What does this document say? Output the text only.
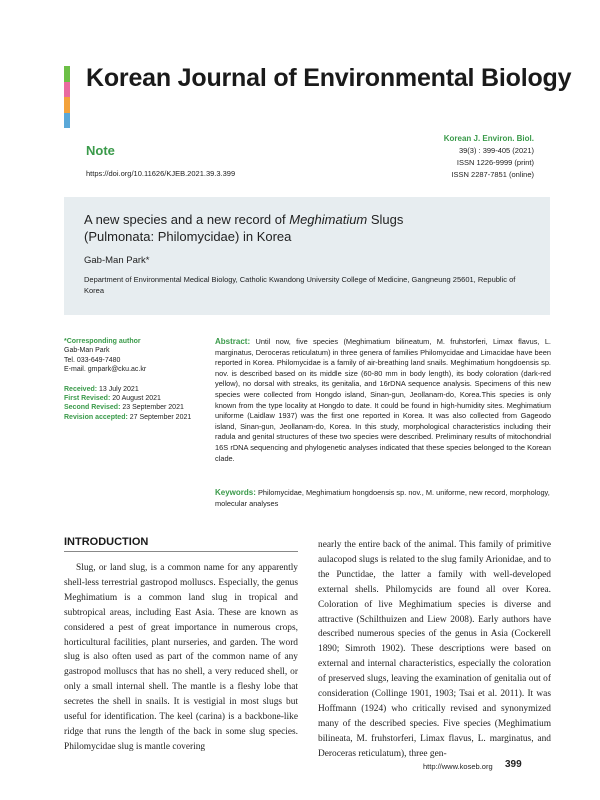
Korean Journal of Environmental Biology
Note
https://doi.org/10.11626/KJEB.2021.39.3.399
Korean J. Environ. Biol.
39(3) : 399-405 (2021)
ISSN 1226-9999 (print)
ISSN 2287-7851 (online)
A new species and a new record of Meghimatium Slugs
(Pulmonata: Philomycidae) in Korea
Gab-Man Park*
Department of Environmental Medical Biology, Catholic Kwandong University College of Medicine, Gangneung 25601, Republic of Korea
*Corresponding author
Gab-Man Park
Tel. 033-649-7480
E-mail. gmpark@cku.ac.kr
Received: 13 July 2021
First Revised: 20 August 2021
Second Revised: 23 September 2021
Revision accepted: 27 September 2021
Abstract: Until now, five species (Meghimatium bilineatum, M. fruhstorferi, Limax flavus, L. marginatus, Deroceras reticulatum) in three genera of families Philomycidae and Limacidae have been reported in Korea. Philomycidae is a family of air-breathing land snails. Meghimatium hongdoensis sp. nov. is described based on its middle size (60-80 mm in body length), its body coloration (dark-red yellow), no dorsal with streaks, its genitalia, and 16rDNA sequence analysis. Specimens of this new species were collected from Hongdo island, Sinan-gun, Jeollanam-do, Korea.This species is only known from the type locality at Hongdo to date. It could be found in high-humidity sites. Meghimatium uniforme (Laidlaw 1937) was the first one reported in Korea. It was also collected from Gageodo island, Sinan-gun, Jeollanam-do, Korea. In this study, morphological characteristics including their radula and genital structures of these two species were described. Preliminary results of mitochondrial 16S rDNA sequencing and phylogenetic analyses indicated that these species belonged to the Korean clade.
Keywords: Philomycidae, Meghimatium hongdoensis sp. nov., M. uniforme, new record, morphology, molecular analyses
INTRODUCTION
Slug, or land slug, is a common name for any apparently shell-less terrestrial gastropod molluscs. Especially, the genus Meghimatium is a common land slug in tropical and subtropical areas, including East Asia. These are known as considered a pest of great importance in numerous crops, horticultural facilities, plant nurseries, and garden. The word slug is also often used as part of the common name of any gastropod molluscs that has no shell, a very reduced shell, or only a small internal shell. The mantle is a fleshy lobe that secretes the shell in snails. It is vestigial in most slugs but useful for identification. The keel (carina) is a backbone-like ridge that runs the length of the back in some slug species. Philomycidae slug is mantle covering
nearly the entire back of the animal. This family of primitive aulacopod slugs is related to the slug family Arionidae, and to the Punctidae, the latter a family with well-developed external shells. Philomycids are found all over Korea. Coloration of live Meghimatium species is diverse and attractive (Schilthuizen and Liew 2008). Early authors have described numerous species of the genus in Asia (Cockerell 1890; Simroth 1902). These descriptions were based on external and internal characteristics, especially the coloration of preserved slugs, leaving the examination of genitalia out of consideration (Collinge 1901, 1903; Tsai et al. 2011). It was Hoffmann (1924) who critically revised and synonymized many of the described species. Five species (Meghimatium bilineata, M. fruhstorferi, Limax flavus, L. marginatus, and Deroceras reticulatum), three gen-
http://www.koseb.org 399
